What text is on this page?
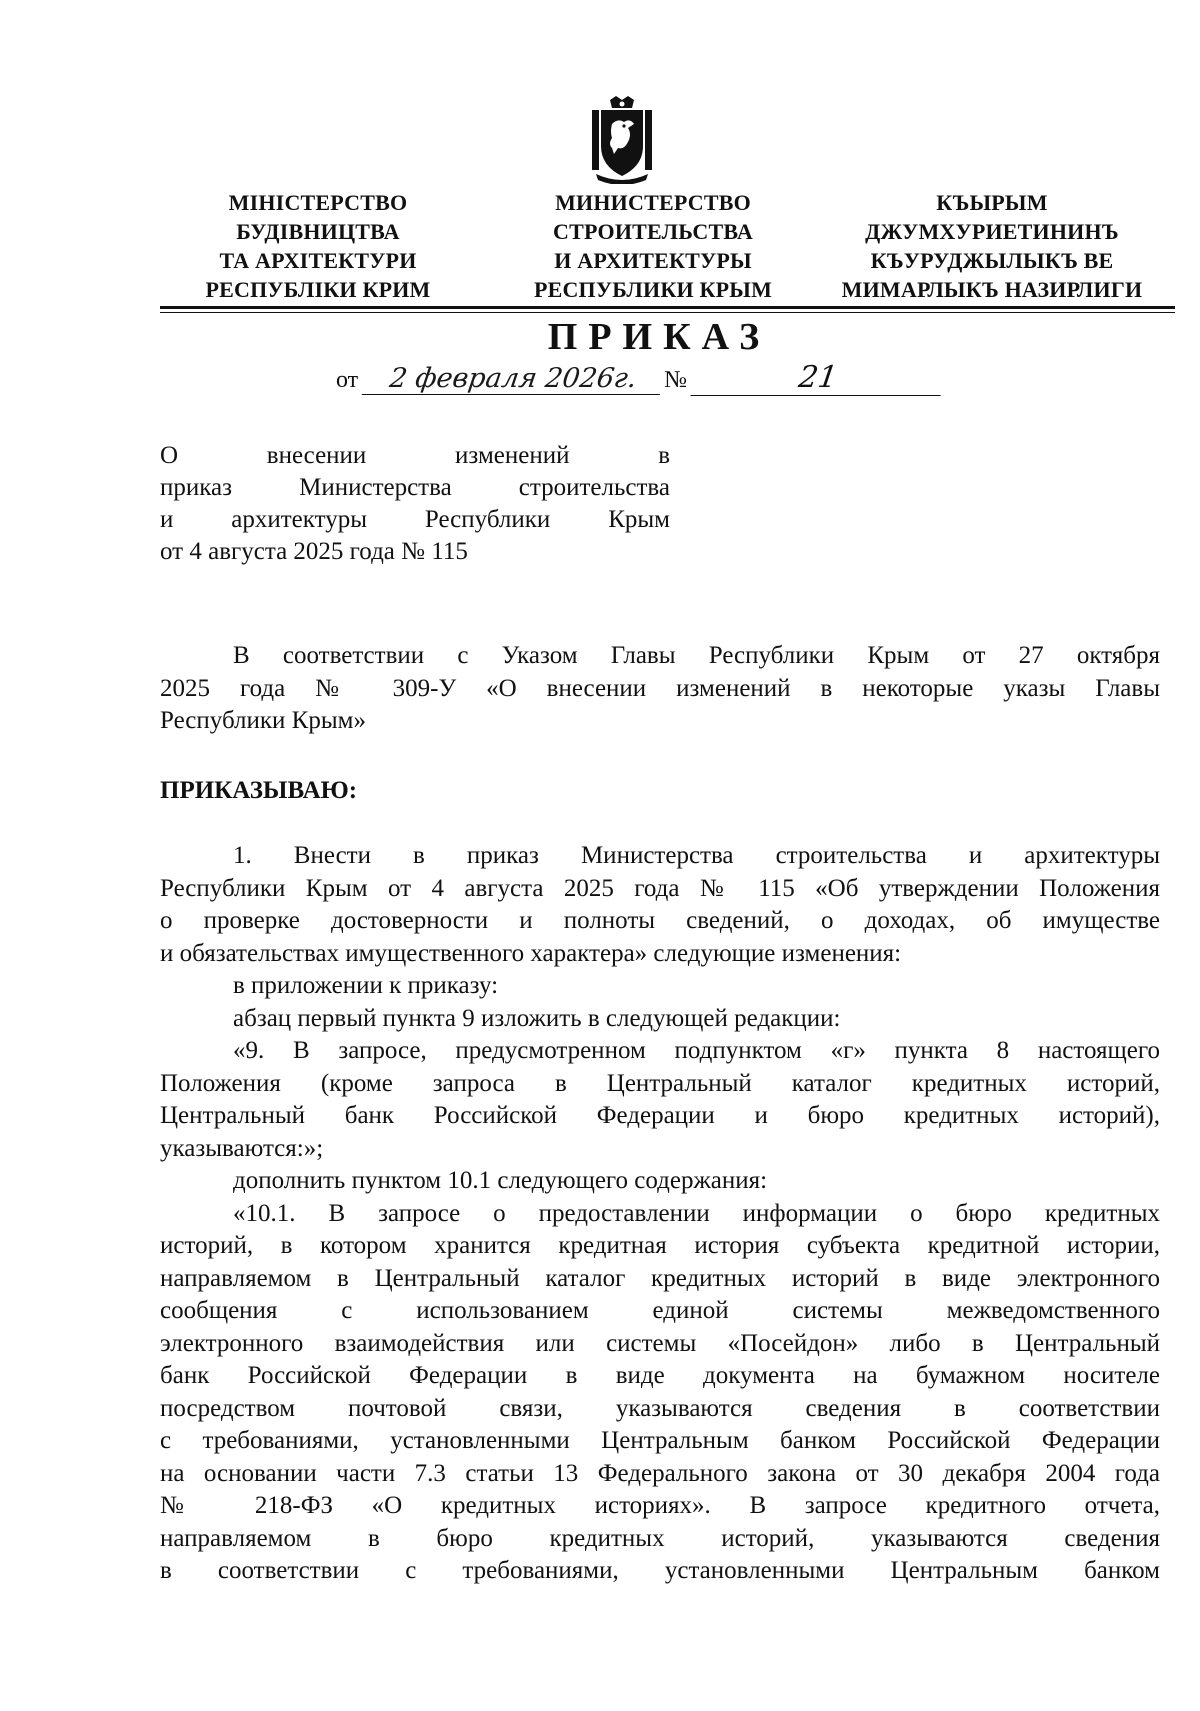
МІНІСТЕРСТВО
БУДІВНИЦТВА
ТА АРХІТЕКТУРИ
РЕСПУБЛІКИ КРИМ
МИНИСТЕРСТВО
СТРОИТЕЛЬСТВА
И АРХИТЕКТУРЫ
РЕСПУБЛИКИ КРЫМ
КЪЫРЫМ
ДЖУМХУРИЕТИНИНЪ
КЪУРУДЖЫЛЫКЪ ВЕ
МИМАРЛЫКЪ НАЗИРЛИГИ
ПРИКАЗ
от 2 февраля 2026г. №	21
О внесении изменений в
приказ Министерства строительства
и архитектуры Республики Крым
от 4 августа 2025 года № 115
В соответствии с Указом Главы Республики Крым от 27 октября
2025 года № 309-У «О внесении изменений в некоторые указы Главы
Республики Крым»
ПРИКАЗЫВАЮ:
1. Внести в приказ Министерства строительства и архитектуры
Республики Крым от 4 августа 2025 года № 115 «Об утверждении Положения
о проверке достоверности и полноты сведений, о доходах, об имуществе
и обязательствах имущественного характера» следующие изменения:
в приложении к приказу:
абзац первый пункта 9 изложить в следующей редакции:
«9. В запросе, предусмотренном подпунктом «г» пункта 8 настоящего
Положения (кроме запроса в Центральный каталог кредитных историй,
Центральный банк Российской Федерации и бюро кредитных историй),
указываются:»;
дополнить пунктом 10.1 следующего содержания:
«10.1. В запросе о предоставлении информации о бюро кредитных
историй, в котором хранится кредитная история субъекта кредитной истории,
направляемом в Центральный каталог кредитных историй в виде электронного
сообщения с использованием единой системы межведомственного
электронного взаимодействия или системы «Посейдон» либо в Центральный
банк Российской Федерации в виде документа на бумажном носителе
посредством почтовой связи, указываются сведения в соответствии
с требованиями, установленными Центральным банком Российской Федерации
на основании части 7.3 статьи 13 Федерального закона от 30 декабря 2004 года
№ 218-ФЗ «О кредитных историях». В запросе кредитного отчета,
направляемом в бюро кредитных историй, указываются сведения
в соответствии с требованиями, установленными Центральным банком
